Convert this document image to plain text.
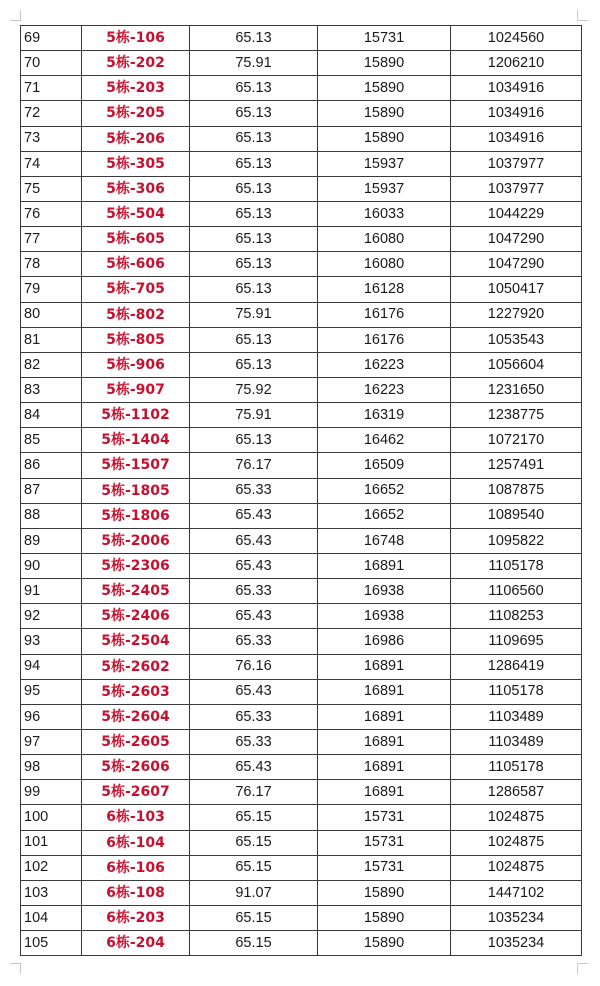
69	5栋-106	65.13	15731	1024560
70	5栋-202	75.91	15890	1206210
71	5栋-203	65.13	15890	1034916
72	5栋-205	65.13	15890	1034916
73	5栋-206	65.13	15890	1034916
74	5栋-305	65.13	15937	1037977
75	5栋-306	65.13	15937	1037977
76	5栋-504	65.13	16033	1044229
77	5栋-605	65.13	16080	1047290
78	5栋-606	65.13	16080	1047290
79	5栋-705	65.13	16128	1050417
80	5栋-802	75.91	16176	1227920
81	5栋-805	65.13	16176	1053543
82	5栋-906	65.13	16223	1056604
83	5栋-907	75.92	16223	1231650
84	5栋-1102	75.91	16319	1238775
85	5栋-1404	65.13	16462	1072170
86	5栋-1507	76.17	16509	1257491
87	5栋-1805	65.33	16652	1087875
88	5栋-1806	65.43	16652	1089540
89	5栋-2006	65.43	16748	1095822
90	5栋-2306	65.43	16891	1105178
91	5栋-2405	65.33	16938	1106560
92	5栋-2406	65.43	16938	1108253
93	5栋-2504	65.33	16986	1109695
94	5栋-2602	76.16	16891	1286419
95	5栋-2603	65.43	16891	1105178
96	5栋-2604	65.33	16891	1103489
97	5栋-2605	65.33	16891	1103489
98	5栋-2606	65.43	16891	1105178
99	5栋-2607	76.17	16891	1286587
100	6栋-103	65.15	15731	1024875
101	6栋-104	65.15	15731	1024875
102	6栋-106	65.15	15731	1024875
103	6栋-108	91.07	15890	1447102
104	6栋-203	65.15	15890	1035234
105	6栋-204	65.15	15890	1035234
